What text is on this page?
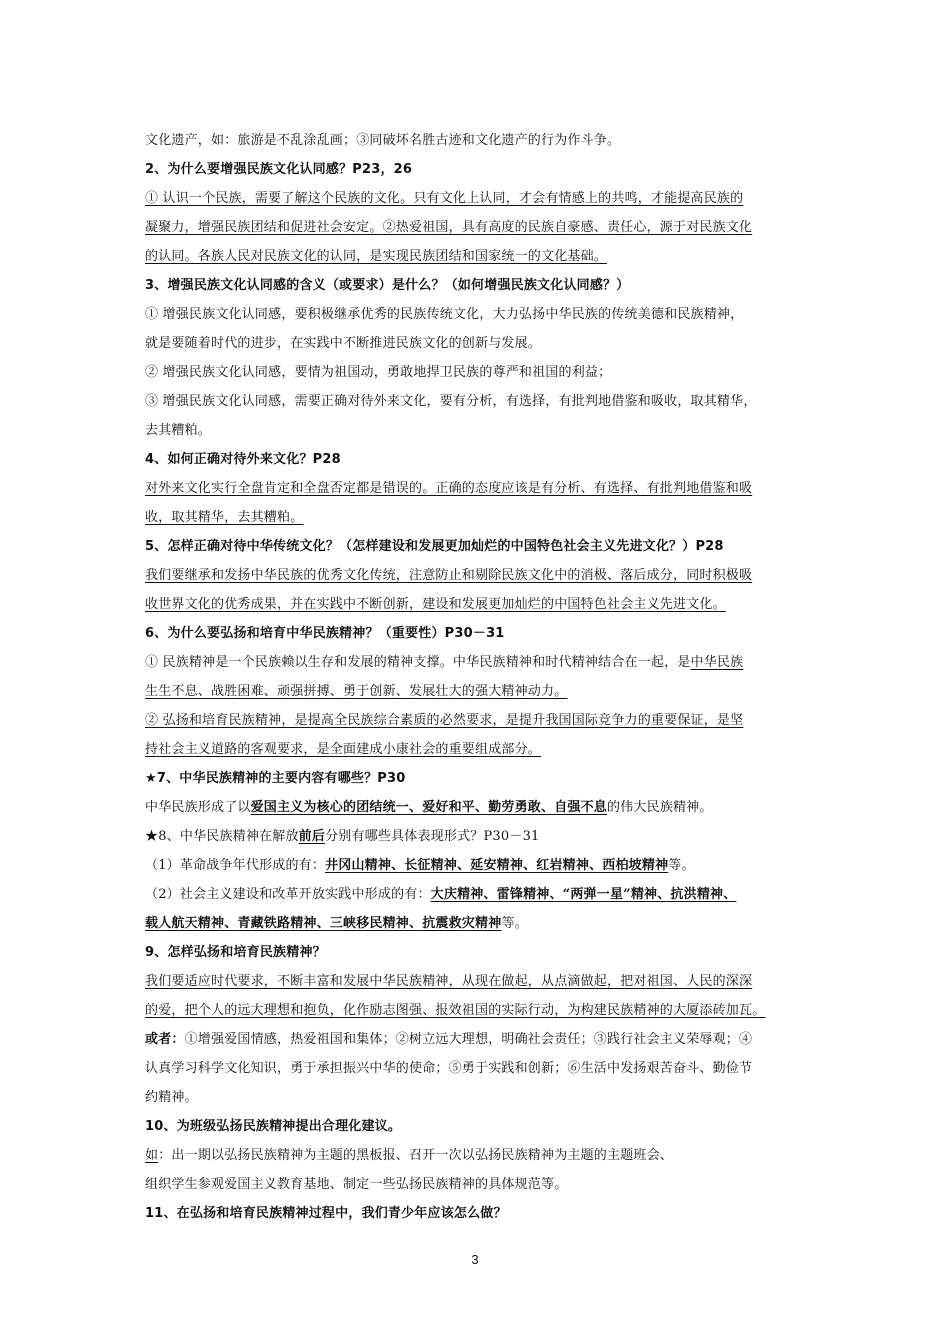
文化遗产，如：旅游是不乱涂乱画；③同破坏名胜古迹和文化遗产的行为作斗争。
2、为什么要增强民族文化认同感？P23，26
① 认识一个民族，需要了解这个民族的文化。只有文化上认同，才会有情感上的共鸣，才能提高民族的
凝聚力，增强民族团结和促进社会安定。②热爱祖国，具有高度的民族自豪感、责任心，源于对民族文化
的认同。各族人民对民族文化的认同，是实现民族团结和国家统一的文化基础。
3、增强民族文化认同感的含义（或要求）是什么？（如何增强民族文化认同感？）
① 增强民族文化认同感，要积极继承优秀的民族传统文化，大力弘扬中华民族的传统美德和民族精神，
就是要随着时代的进步，在实践中不断推进民族文化的创新与发展。
② 增强民族文化认同感，要情为祖国动，勇敢地捍卫民族的尊严和祖国的利益；
③ 增强民族文化认同感，需要正确对待外来文化，要有分析，有选择，有批判地借鉴和吸收，取其精华，
去其糟粕。
4、如何正确对待外来文化？P28
对外来文化实行全盘肯定和全盘否定都是错误的。正确的态度应该是有分析、有选择、有批判地借鉴和吸
收，取其精华，去其糟粕。
5、怎样正确对待中华传统文化？（怎样建设和发展更加灿烂的中国特色社会主义先进文化？）P28
我们要继承和发扬中华民族的优秀文化传统，注意防止和剔除民族文化中的消极、落后成分，同时积极吸
收世界文化的优秀成果，并在实践中不断创新，建设和发展更加灿烂的中国特色社会主义先进文化。
6、为什么要弘扬和培育中华民族精神？（重要性）P30－31
① 民族精神是一个民族赖以生存和发展的精神支撑。中华民族精神和时代精神结合在一起，是中华民族
生生不息、战胜困难、顽强拼搏、勇于创新、发展壮大的强大精神动力。
② 弘扬和培育民族精神，是提高全民族综合素质的必然要求，是提升我国国际竞争力的重要保证，是坚
持社会主义道路的客观要求，是全面建成小康社会的重要组成部分。
★7、中华民族精神的主要内容有哪些？P30
中华民族形成了以爱国主义为核心的团结统一、爱好和平、勤劳勇敢、自强不息的伟大民族精神。
★8、中华民族精神在解放前后分别有哪些具体表现形式？P30－31
（1）革命战争年代形成的有：井冈山精神、长征精神、延安精神、红岩精神、西柏坡精神等。
（2）社会主义建设和改革开放实践中形成的有：大庆精神、雷锋精神、“两弹一星”精神、抗洪精神、
载人航天精神、青藏铁路精神、三峡移民精神、抗震救灾精神等。
9、怎样弘扬和培育民族精神？
我们要适应时代要求，不断丰富和发展中华民族精神，从现在做起，从点滴做起，把对祖国、人民的深深
的爱，把个人的远大理想和抱负，化作励志图强、报效祖国的实际行动，为构建民族精神的大厦添砖加瓦。
或者：①增强爱国情感，热爱祖国和集体；②树立远大理想，明确社会责任；③践行社会主义荣辱观；④
认真学习科学文化知识，勇于承担振兴中华的使命；⑤勇于实践和创新；⑥生活中发扬艰苦奋斗、勤俭节
约精神。
10、为班级弘扬民族精神提出合理化建议。
如：出一期以弘扬民族精神为主题的黑板报、召开一次以弘扬民族精神为主题的主题班会、
组织学生参观爱国主义教育基地、制定一些弘扬民族精神的具体规范等。
11、在弘扬和培育民族精神过程中，我们青少年应该怎么做？
3
